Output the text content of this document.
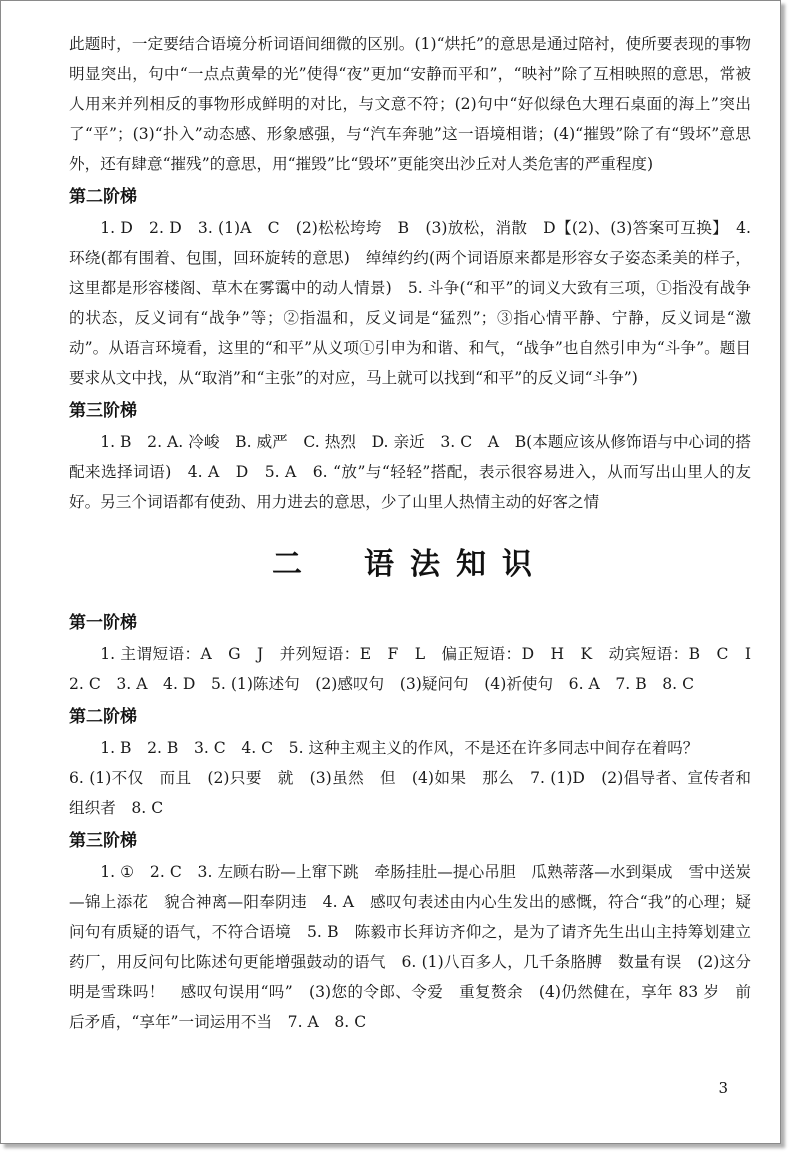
此题时，一定要结合语境分析词语间细微的区别。(1)“烘托”的意思是通过陪衬，使所要表现的事物明显突出，句中“一点点黄晕的光”使得“夜”更加“安静而平和”，“映衬”除了互相映照的意思，常被人用来并列相反的事物形成鲜明的对比，与文意不符；(2)句中“好似绿色大理石桌面的海上”突出了“平”；(3)“扑入”动态感、形象感强，与“汽车奔驰”这一语境相谐；(4)“摧毁”除了有“毁坏”意思外，还有肆意“摧残”的意思，用“摧毁”比“毁坏”更能突出沙丘对人类危害的严重程度)

第二阶梯

1. D　2. D　3. (1)A　C　(2)松松垮垮　B　(3)放松，消散　D【(2)、(3)答案可互换】　4. 环绕(都有围着、包围，回环旋转的意思)　绰绰约约(两个词语原来都是形容女子姿态柔美的样子，这里都是形容楼阁、草木在雾霭中的动人情景)　5. 斗争(“和平”的词义大致有三项，①指没有战争的状态，反义词有“战争”等；②指温和，反义词是“猛烈”；③指心情平静、宁静，反义词是“激动”。从语言环境看，这里的“和平”从义项①引申为和谐、和气，“战争”也自然引申为“斗争”。题目要求从文中找，从“取消”和“主张”的对应，马上就可以找到“和平”的反义词“斗争”)

第三阶梯

1. B　2. A. 冷峻　B. 威严　C. 热烈　D. 亲近　3. C　A　B(本题应该从修饰语与中心词的搭配来选择词语)　4. A　D　5. A　6. “放”与“轻轻”搭配，表示很容易进入，从而写出山里人的友好。另三个词语都有使劲、用力进去的意思，少了山里人热情主动的好客之情

二　语法知识
第一阶梯

1. 主谓短语：A　G　J　并列短语：E　F　L　偏正短语：D　H　K　动宾短语：B　C　I　2. C　3. A　4. D　5. (1)陈述句　(2)感叹句　(3)疑问句　(4)祈使句　6. A　7. B　8. C

第二阶梯

1. B　2. B　3. C　4. C　5. 这种主观主义的作风，不是还在许多同志中间存在着吗？

6. (1)不仅　而且　(2)只要　就　(3)虽然　但　(4)如果　那么　7. (1)D　(2)倡导者、宣传者和组织者　8. C

第三阶梯

1. ①　2. C　3. 左顾右盼—上窜下跳　牵肠挂肚—提心吊胆　瓜熟蒂落—水到渠成　雪中送炭—锦上添花　貌合神离—阳奉阴违　4. A　感叹句表述由内心生发出的感慨，符合“我”的心理；疑问句有质疑的语气，不符合语境　5. B　陈毅市长拜访齐仰之，是为了请齐先生出山主持筹划建立药厂，用反问句比陈述句更能增强鼓动的语气　6. (1)八百多人，几千条胳膊　数量有误　(2)这分明是雪珠吗！　感叹句误用“吗”　(3)您的令郎、令爱　重复赘余　(4)仍然健在，享年 83 岁　前后矛盾，“享年”一词运用不当　7. A　8. C

3
